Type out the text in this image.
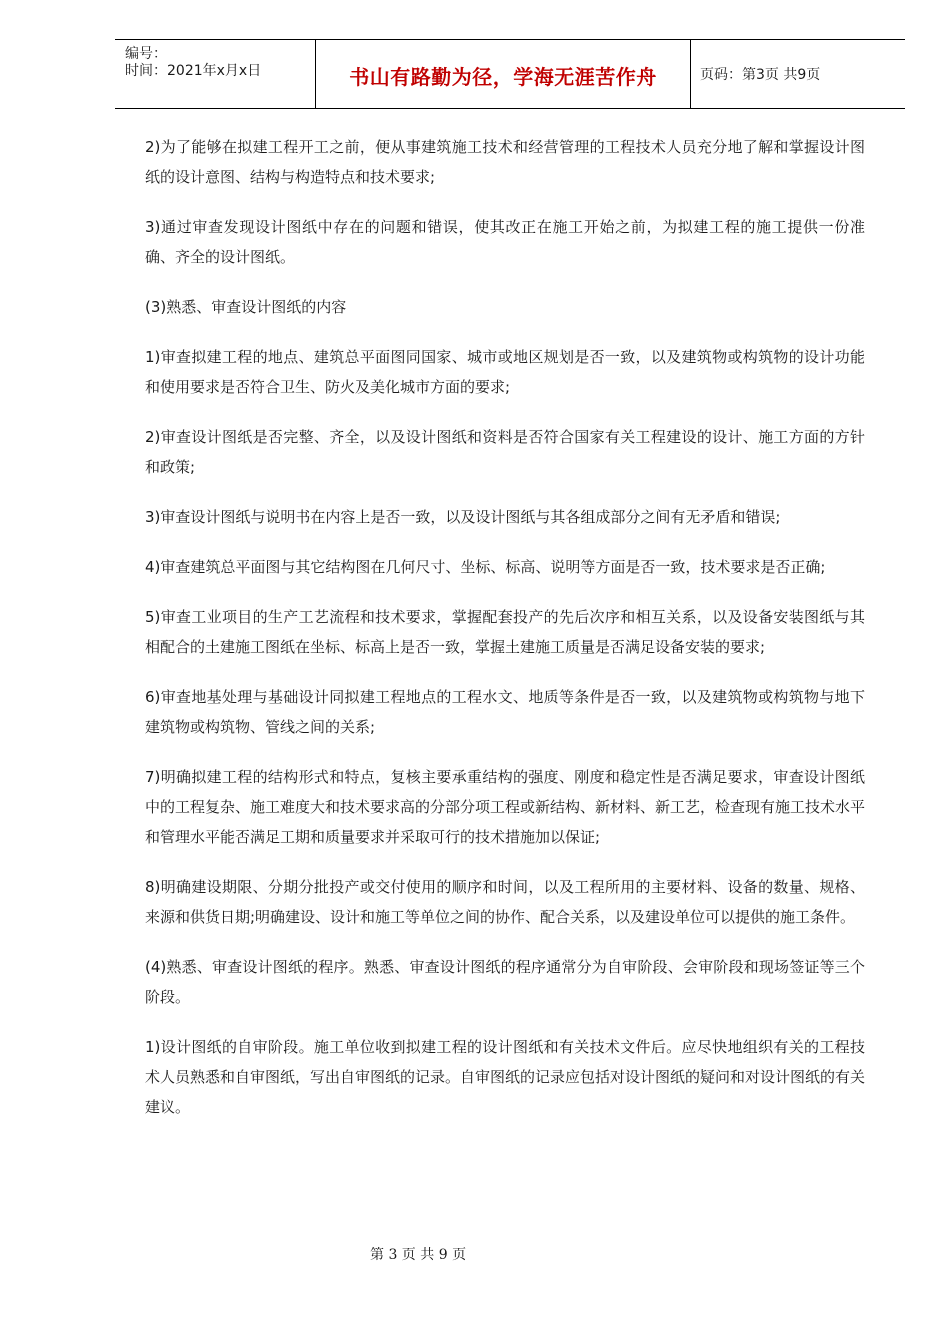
编号：
时间：2021年x月x日	书山有路勤为径，学海无涯苦作舟	页码：第3页 共9页

2)为了能够在拟建工程开工之前，便从事建筑施工技术和经营管理的工程技术人员充分地了解和掌握设计图纸的设计意图、结构与构造特点和技术要求;

3)通过审查发现设计图纸中存在的问题和错误，使其改正在施工开始之前，为拟建工程的施工提供一份准确、齐全的设计图纸。

(3)熟悉、审查设计图纸的内容

1)审查拟建工程的地点、建筑总平面图同国家、城市或地区规划是否一致，以及建筑物或构筑物的设计功能和使用要求是否符合卫生、防火及美化城市方面的要求;

2)审查设计图纸是否完整、齐全，以及设计图纸和资料是否符合国家有关工程建设的设计、施工方面的方针和政策;

3)审查设计图纸与说明书在内容上是否一致，以及设计图纸与其各组成部分之间有无矛盾和错误;

4)审查建筑总平面图与其它结构图在几何尺寸、坐标、标高、说明等方面是否一致，技术要求是否正确;

5)审查工业项目的生产工艺流程和技术要求，掌握配套投产的先后次序和相互关系，以及设备安装图纸与其相配合的土建施工图纸在坐标、标高上是否一致，掌握土建施工质量是否满足设备安装的要求;

6)审查地基处理与基础设计同拟建工程地点的工程水文、地质等条件是否一致，以及建筑物或构筑物与地下建筑物或构筑物、管线之间的关系;

7)明确拟建工程的结构形式和特点，复核主要承重结构的强度、刚度和稳定性是否满足要求，审查设计图纸中的工程复杂、施工难度大和技术要求高的分部分项工程或新结构、新材料、新工艺，检查现有施工技术水平和管理水平能否满足工期和质量要求并采取可行的技术措施加以保证;

8)明确建设期限、分期分批投产或交付使用的顺序和时间，以及工程所用的主要材料、设备的数量、规格、来源和供货日期;明确建设、设计和施工等单位之间的协作、配合关系，以及建设单位可以提供的施工条件。

(4)熟悉、审查设计图纸的程序。熟悉、审查设计图纸的程序通常分为自审阶段、会审阶段和现场签证等三个阶段。

1)设计图纸的自审阶段。施工单位收到拟建工程的设计图纸和有关技术文件后。应尽快地组织有关的工程技术人员熟悉和自审图纸，写出自审图纸的记录。自审图纸的记录应包括对设计图纸的疑问和对设计图纸的有关建议。

第 3 页 共 9 页
